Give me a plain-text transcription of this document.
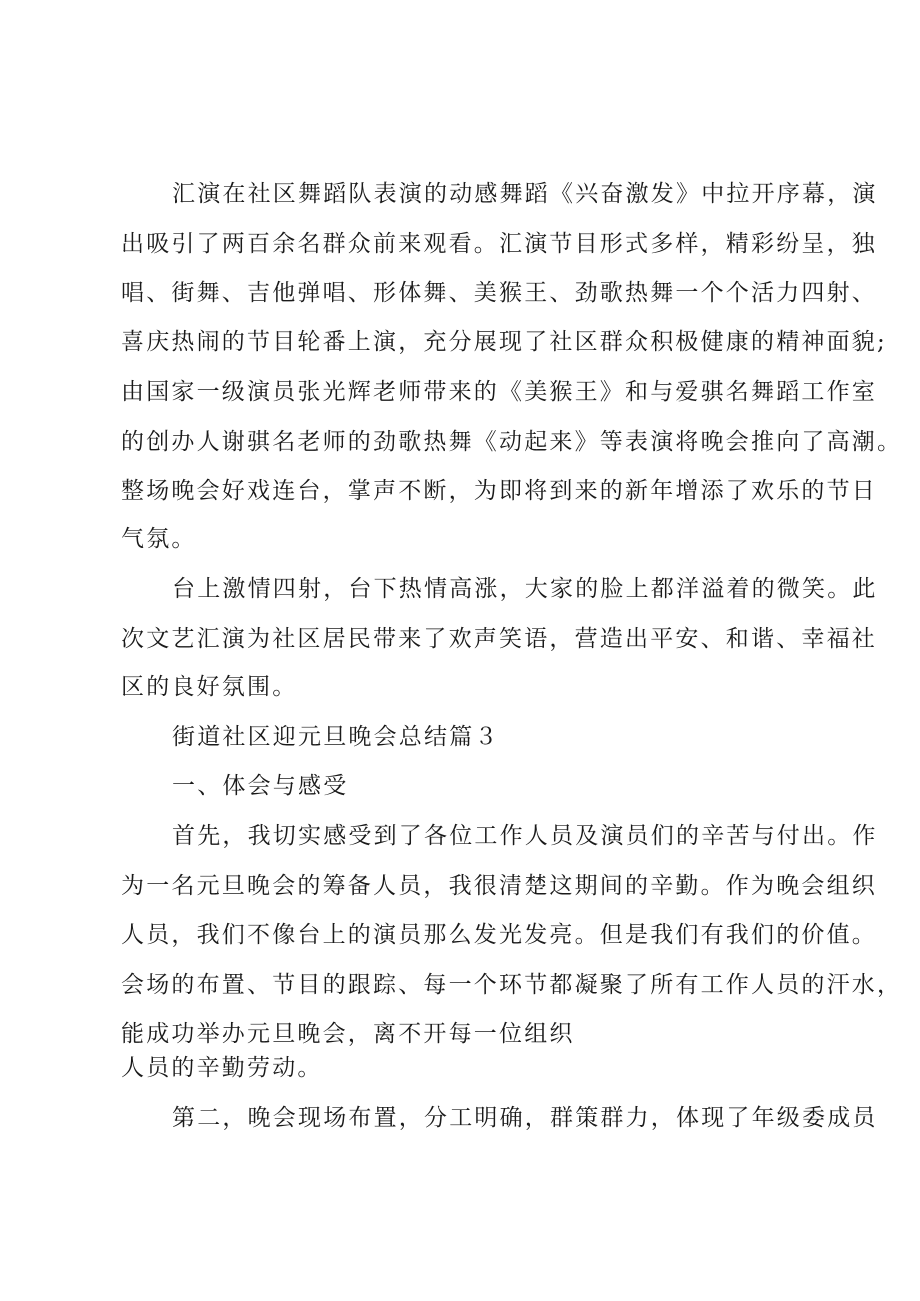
汇演在社区舞蹈队表演的动感舞蹈《兴奋激发》中拉开序幕，演
出吸引了两百余名群众前来观看。汇演节目形式多样，精彩纷呈，独
唱、街舞、吉他弹唱、形体舞、美猴王、劲歌热舞一个个活力四射、
喜庆热闹的节目轮番上演，充分展现了社区群众积极健康的精神面貌;
由国家一级演员张光辉老师带来的《美猴王》和与爱骐名舞蹈工作室
的创办人谢骐名老师的劲歌热舞《动起来》等表演将晚会推向了高潮。
整场晚会好戏连台，掌声不断，为即将到来的新年增添了欢乐的节日
气氛。
台上激情四射，台下热情高涨，大家的脸上都洋溢着的微笑。此
次文艺汇演为社区居民带来了欢声笑语，营造出平安、和谐、幸福社
区的良好氛围。
街道社区迎元旦晚会总结篇３
一、体会与感受
首先，我切实感受到了各位工作人员及演员们的辛苦与付出。作
为一名元旦晚会的筹备人员，我很清楚这期间的辛勤。作为晚会组织
人员，我们不像台上的演员那么发光发亮。但是我们有我们的价值。
会场的布置、节目的跟踪、每一个环节都凝聚了所有工作人员的汗水，
能成功举办元旦晚会，离不开每一位组织
人员的辛勤劳动。
第二，晚会现场布置，分工明确，群策群力，体现了年级委成员
